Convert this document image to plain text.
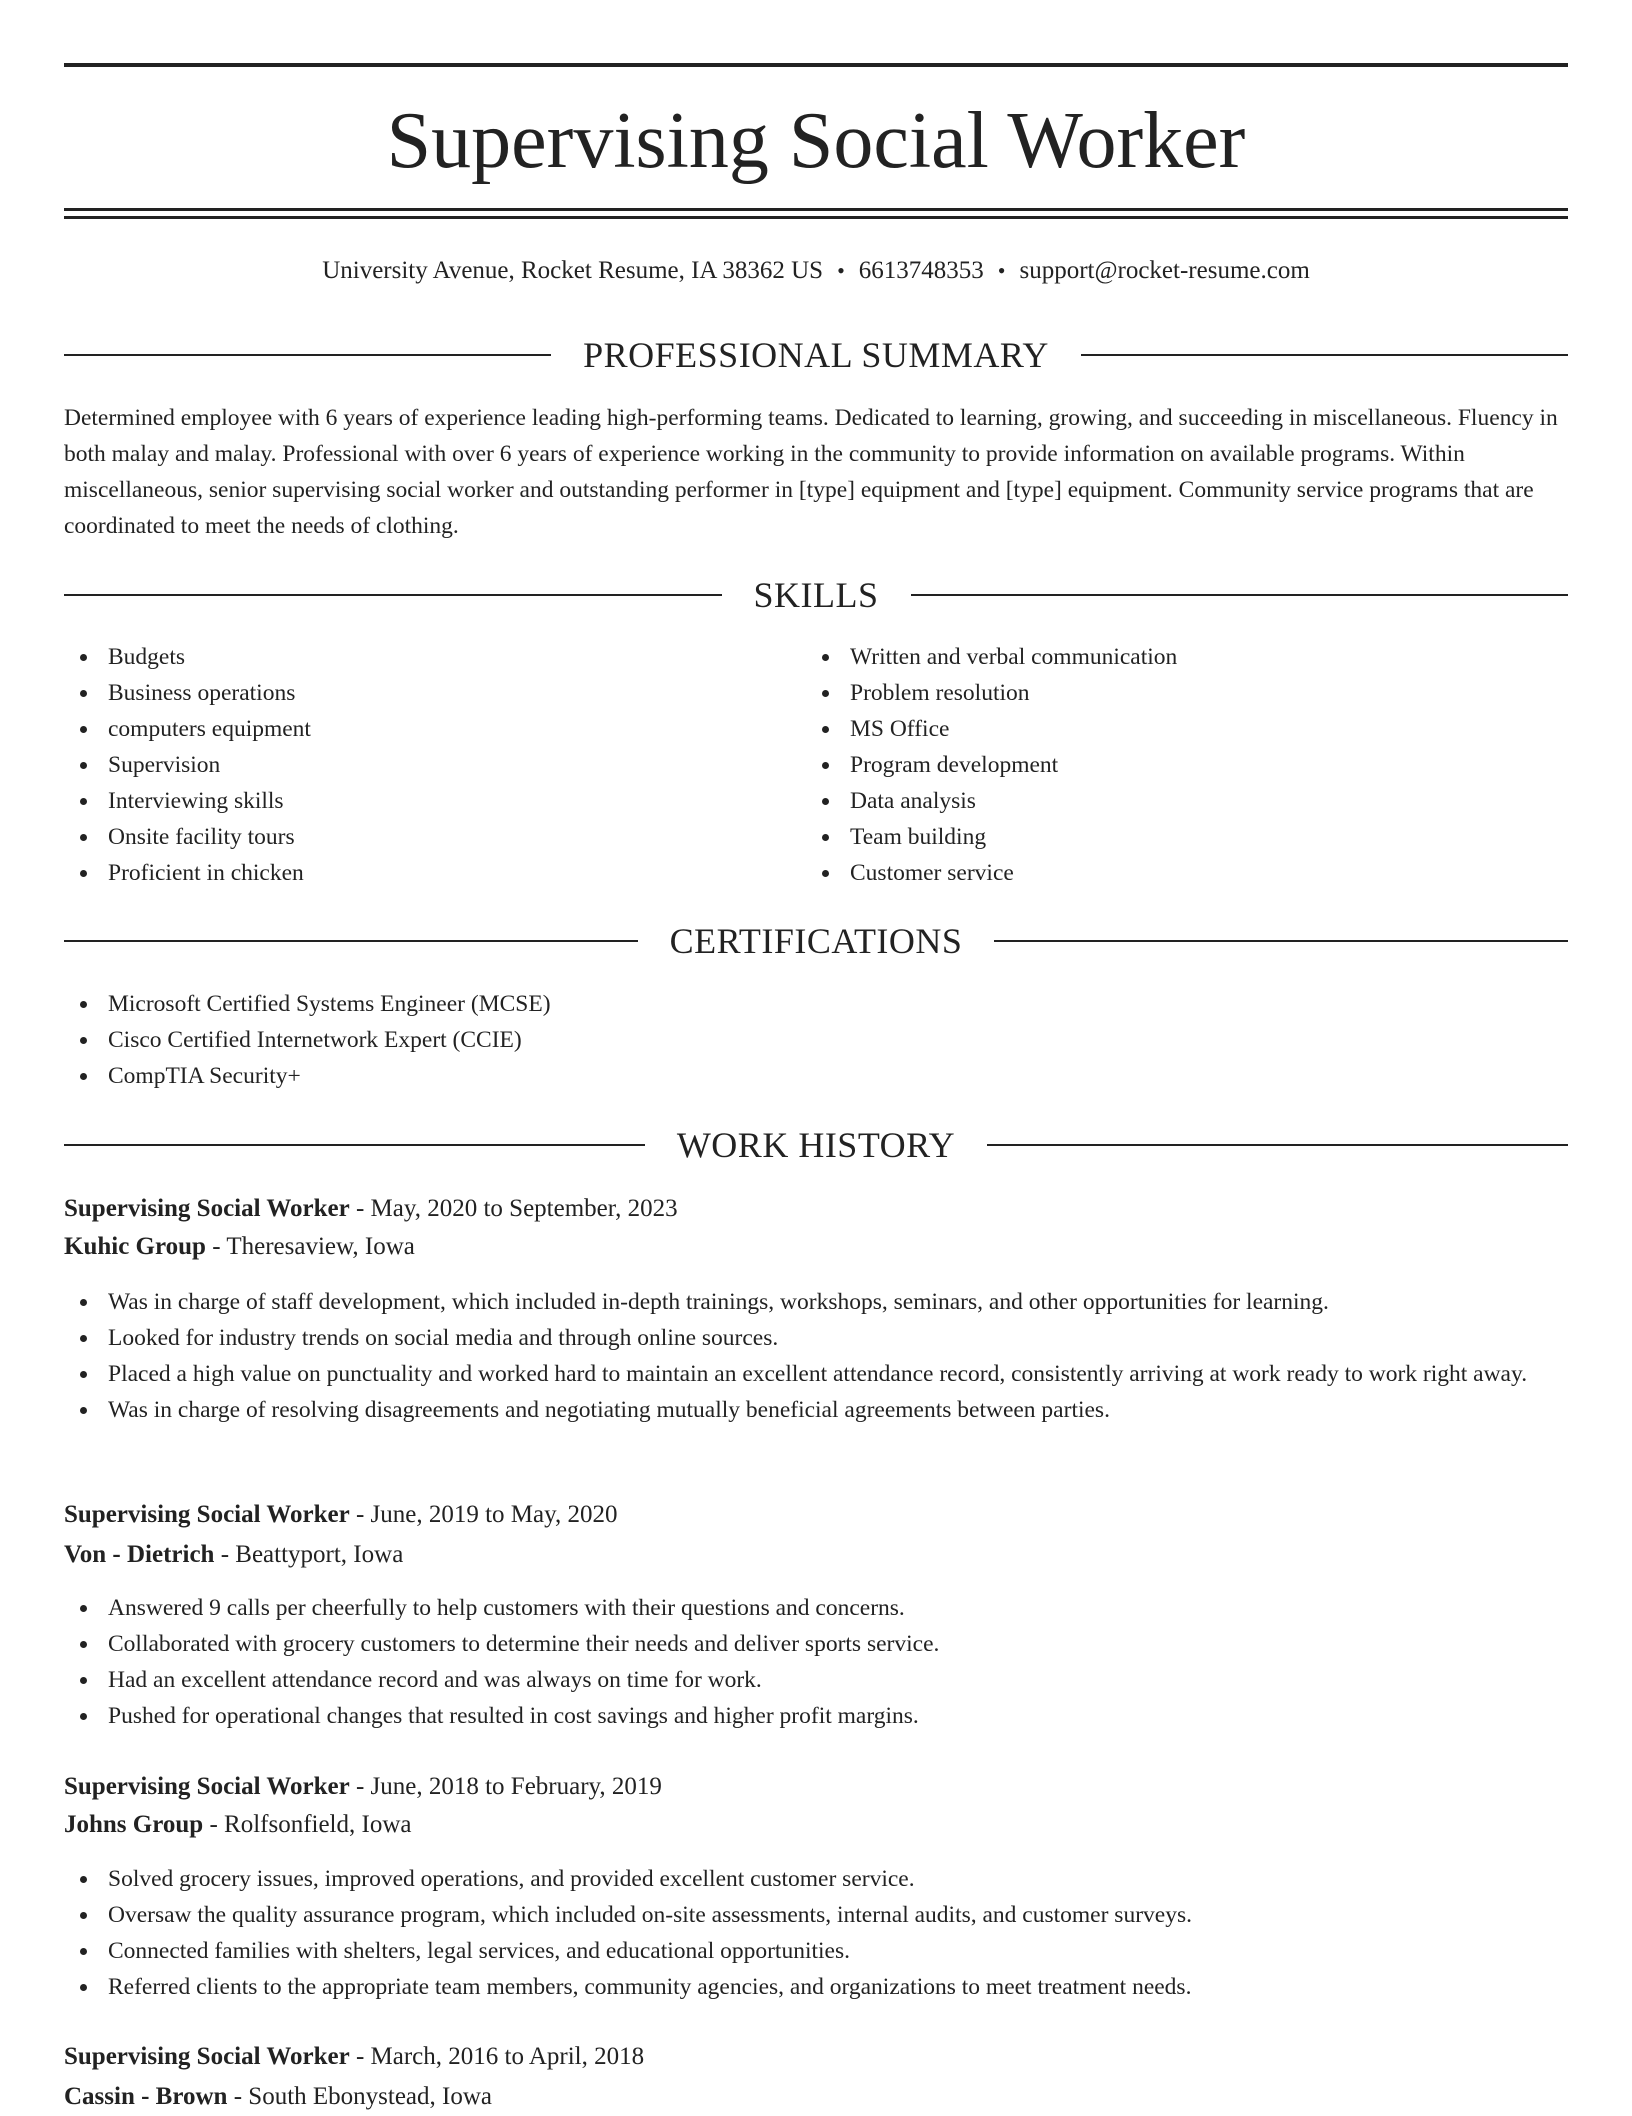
Supervising Social Worker
University Avenue, Rocket Resume, IA 38362 US • 6613748353 • support@rocket-resume.com
PROFESSIONAL SUMMARY

Determined employee with 6 years of experience leading high-performing teams. Dedicated to learning, growing, and succeeding in miscellaneous. Fluency in both malay and malay. Professional with over 6 years of experience working in the community to provide information on available programs. Within miscellaneous, senior supervising social worker and outstanding performer in [type] equipment and [type] equipment. Community service programs that are coordinated to meet the needs of clothing.

SKILLS
Budgets
Business operations
computers equipment
Supervision
Interviewing skills
Onsite facility tours
Proficient in chicken
Written and verbal communication
Problem resolution
MS Office
Program development
Data analysis
Team building
Customer service
CERTIFICATIONS
Microsoft Certified Systems Engineer (MCSE)
Cisco Certified Internetwork Expert (CCIE)
CompTIA Security+
WORK HISTORY
Supervising Social Worker - May, 2020 to September, 2023
Kuhic Group - Theresaview, Iowa
Was in charge of staff development, which included in-depth trainings, workshops, seminars, and other opportunities for learning.
Looked for industry trends on social media and through online sources.
Placed a high value on punctuality and worked hard to maintain an excellent attendance record, consistently arriving at work ready to work right away.
Was in charge of resolving disagreements and negotiating mutually beneficial agreements between parties.
Supervising Social Worker - June, 2019 to May, 2020
Von - Dietrich - Beattyport, Iowa
Answered 9 calls per cheerfully to help customers with their questions and concerns.
Collaborated with grocery customers to determine their needs and deliver sports service.
Had an excellent attendance record and was always on time for work.
Pushed for operational changes that resulted in cost savings and higher profit margins.
Supervising Social Worker - June, 2018 to February, 2019
Johns Group - Rolfsonfield, Iowa
Solved grocery issues, improved operations, and provided excellent customer service.
Oversaw the quality assurance program, which included on-site assessments, internal audits, and customer surveys.
Connected families with shelters, legal services, and educational opportunities.
Referred clients to the appropriate team members, community agencies, and organizations to meet treatment needs.
Supervising Social Worker - March, 2016 to April, 2018
Cassin - Brown - South Ebonystead, Iowa
